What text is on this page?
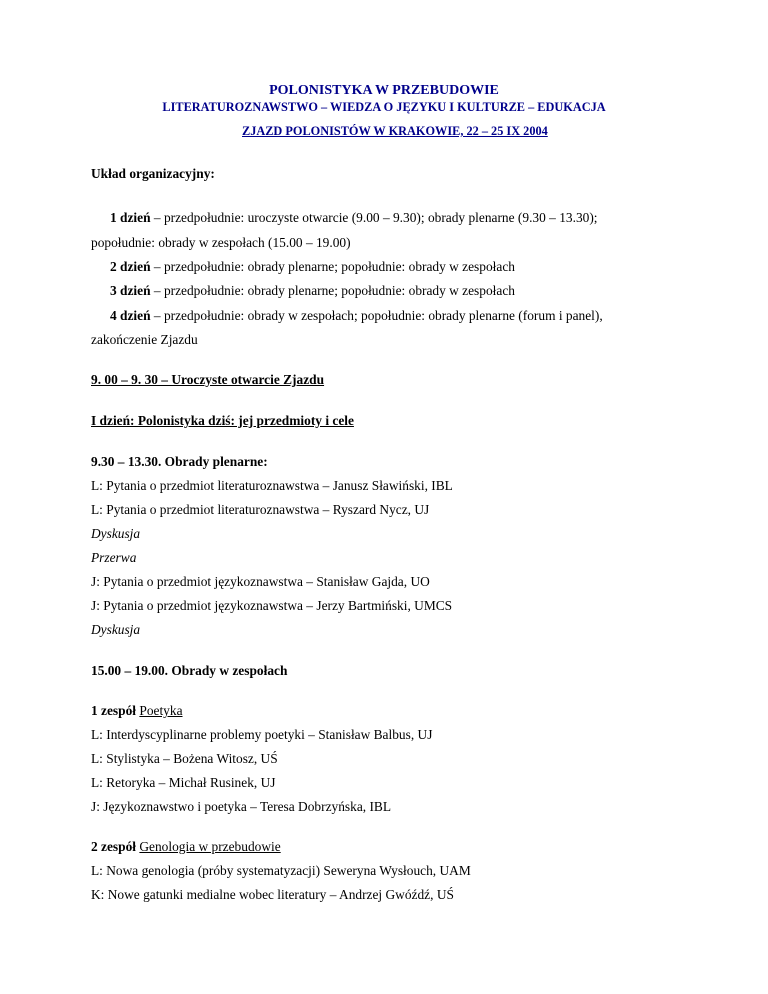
POLONISTYKA W PRZEBUDOWIE
LITERATUROZNAWSTWO – WIEDZA O JĘZYKU I KULTURZE – EDUKACJA
ZJAZD POLONISTÓW W KRAKOWIE, 22 – 25 IX 2004
Układ organizacyjny:
1 dzień – przedpołudnie: uroczyste otwarcie (9.00 – 9.30); obrady plenarne (9.30 – 13.30);
popołudnie: obrady w zespołach (15.00 – 19.00)
2 dzień – przedpołudnie: obrady plenarne; popołudnie: obrady w zespołach
3 dzień – przedpołudnie: obrady plenarne; popołudnie: obrady w zespołach
4 dzień – przedpołudnie: obrady w zespołach; popołudnie: obrady plenarne (forum i panel),
zakończenie Zjazdu
9. 00 – 9. 30 – Uroczyste otwarcie Zjazdu
I dzień: Polonistyka dziś: jej przedmioty i cele
9.30 – 13.30. Obrady plenarne:
L: Pytania o przedmiot literaturoznawstwa – Janusz Sławiński, IBL
L: Pytania o przedmiot literaturoznawstwa – Ryszard Nycz, UJ
Dyskusja
Przerwa
J: Pytania o przedmiot językoznawstwa – Stanisław Gajda, UO
J: Pytania o przedmiot językoznawstwa – Jerzy Bartmiński, UMCS
Dyskusja
15.00 – 19.00. Obrady w zespołach
1 zespół Poetyka
L: Interdyscyplinarne problemy poetyki – Stanisław Balbus, UJ
L: Stylistyka – Bożena Witosz, UŚ
L: Retoryka – Michał Rusinek, UJ
J: Językoznawstwo i poetyka – Teresa Dobrzyńska, IBL
2 zespół Genologia w przebudowie
L: Nowa genologia (próby systematyzacji) Seweryna Wysłouch, UAM
K: Nowe gatunki medialne wobec literatury – Andrzej Gwóźdź, UŚ
